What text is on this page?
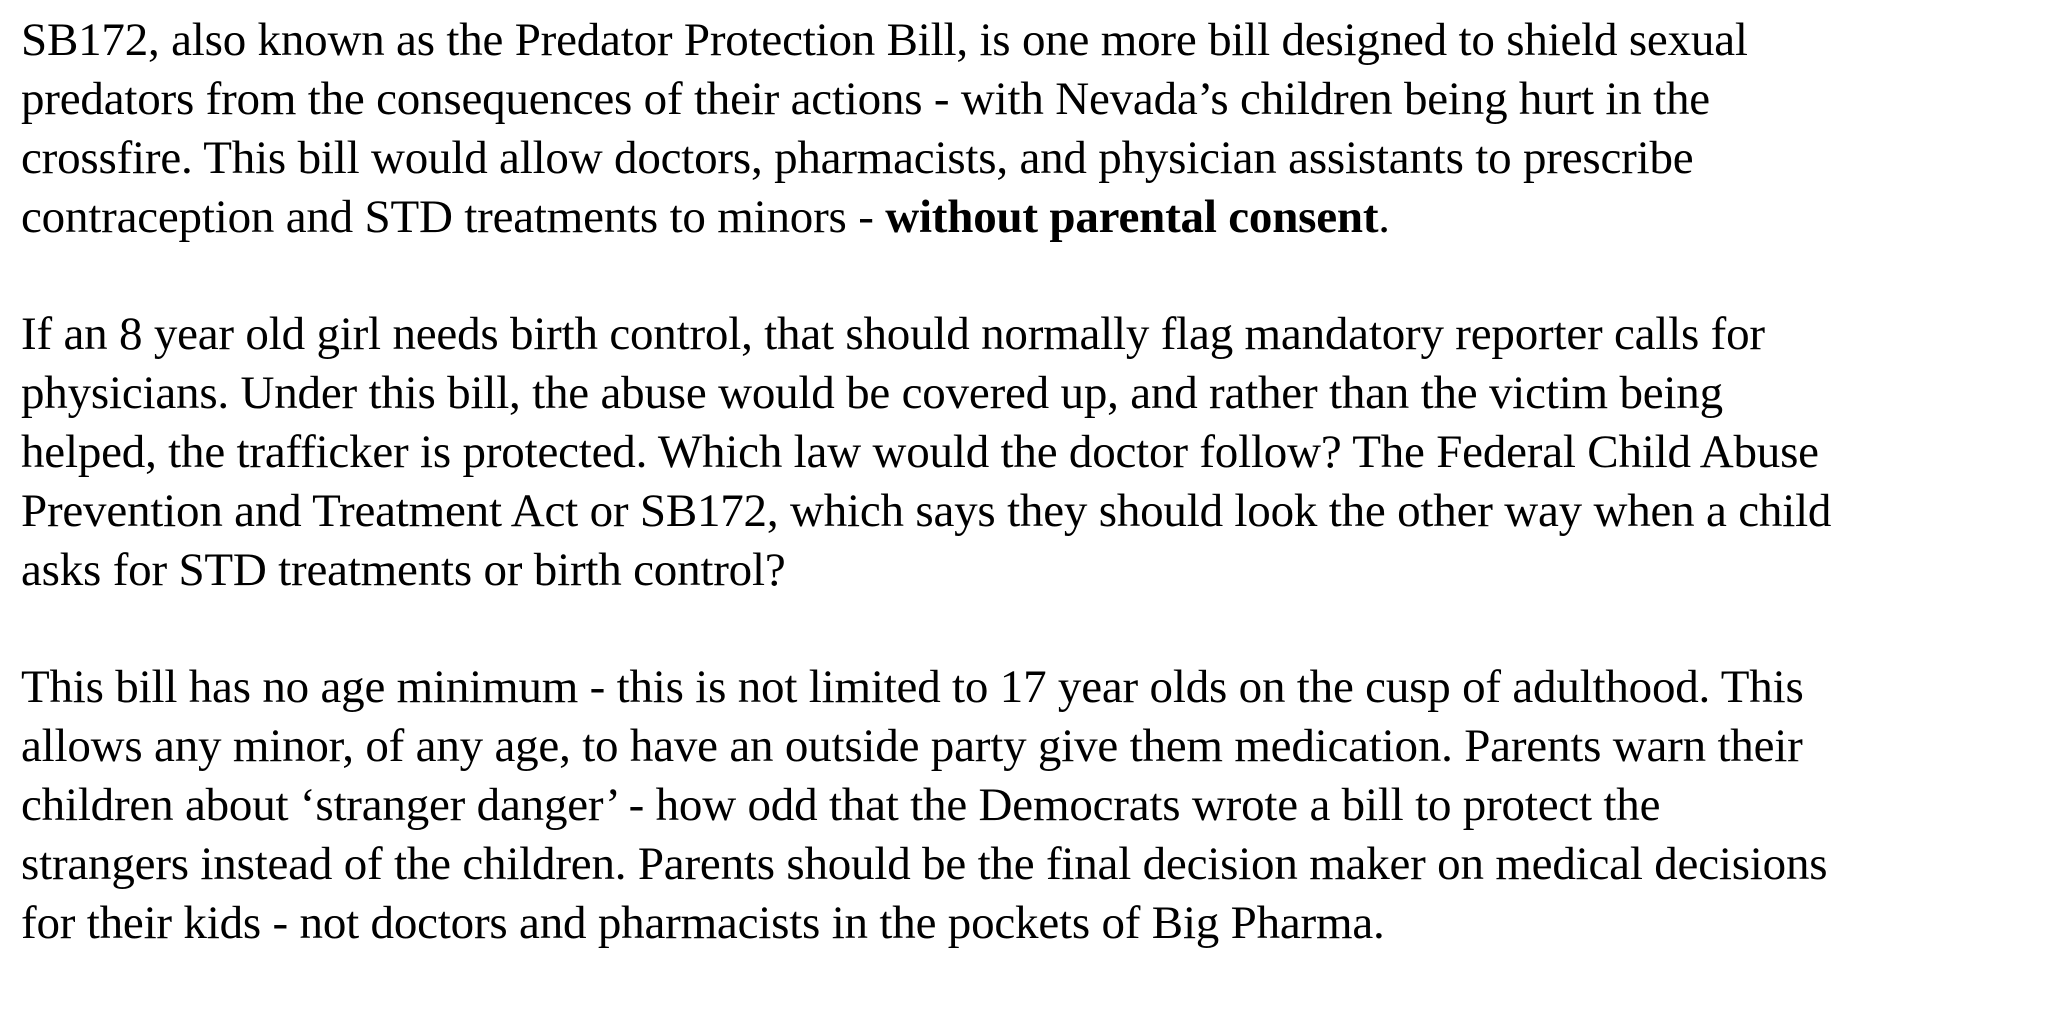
SB172, also known as the Predator Protection Bill, is one more bill designed to shield sexual
predators from the consequences of their actions - with Nevada’s children being hurt in the
crossfire. This bill would allow doctors, pharmacists, and physician assistants to prescribe
contraception and STD treatments to minors - without parental consent.

If an 8 year old girl needs birth control, that should normally flag mandatory reporter calls for
physicians. Under this bill, the abuse would be covered up, and rather than the victim being
helped, the trafficker is protected. Which law would the doctor follow? The Federal Child Abuse
Prevention and Treatment Act or SB172, which says they should look the other way when a child
asks for STD treatments or birth control?

This bill has no age minimum - this is not limited to 17 year olds on the cusp of adulthood. This
allows any minor, of any age, to have an outside party give them medication. Parents warn their
children about ‘stranger danger’ - how odd that the Democrats wrote a bill to protect the
strangers instead of the children. Parents should be the final decision maker on medical decisions
for their kids - not doctors and pharmacists in the pockets of Big Pharma.
